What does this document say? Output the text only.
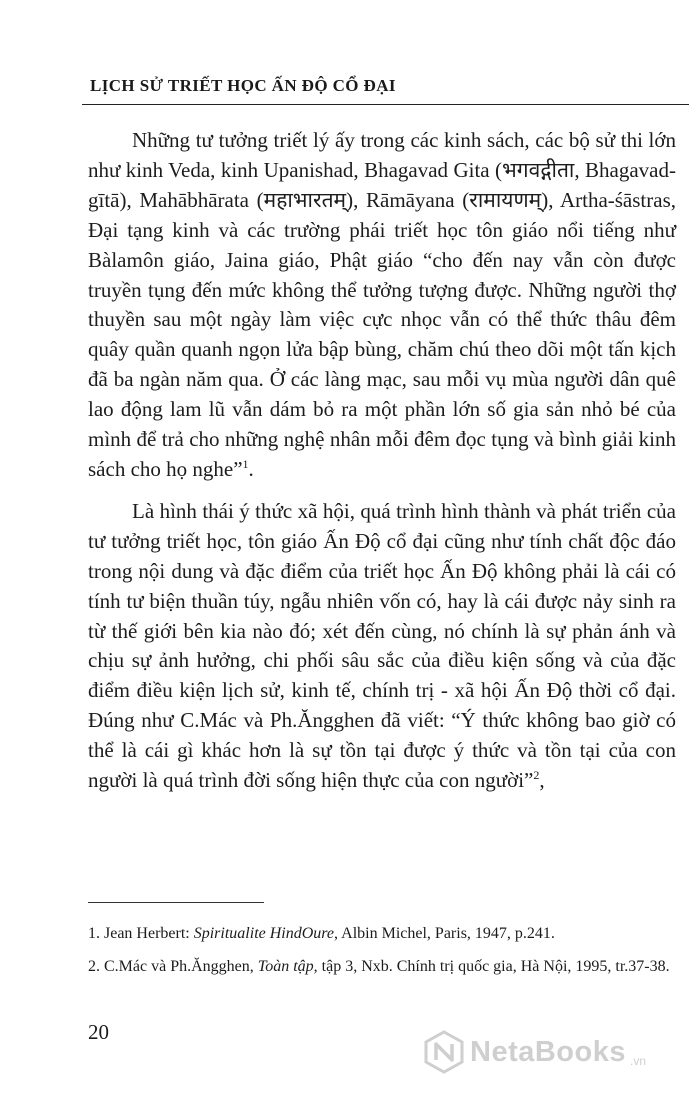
LỊCH SỬ TRIẾT HỌC ẤN ĐỘ CỔ ĐẠI

Những tư tưởng triết lý ấy trong các kinh sách, các bộ sử thi lớn như kinh Veda, kinh Upanishad, Bhagavad Gita (भगवद्गीता, Bhagavad-gītā), Mahābhārata (महाभारतम्), Rāmāyana (रामायणम्), Artha-śāstras, Đại tạng kinh và các trường phái triết học tôn giáo nổi tiếng như Bàlamôn giáo, Jaina giáo, Phật giáo “cho đến nay vẫn còn được truyền tụng đến mức không thể tưởng tượng được. Những người thợ thuyền sau một ngày làm việc cực nhọc vẫn có thể thức thâu đêm quây quần quanh ngọn lửa bập bùng, chăm chú theo dõi một tấn kịch đã ba ngàn năm qua. Ở các làng mạc, sau mỗi vụ mùa người dân quê lao động lam lũ vẫn dám bỏ ra một phần lớn số gia sản nhỏ bé của mình để trả cho những nghệ nhân mỗi đêm đọc tụng và bình giải kinh sách cho họ nghe”$^1$.

Là hình thái ý thức xã hội, quá trình hình thành và phát triển của tư tưởng triết học, tôn giáo Ấn Độ cổ đại cũng như tính chất độc đáo trong nội dung và đặc điểm của triết học Ấn Độ không phải là cái có tính tư biện thuần túy, ngẫu nhiên vốn có, hay là cái được nảy sinh ra từ thế giới bên kia nào đó; xét đến cùng, nó chính là sự phản ánh và chịu sự ảnh hưởng, chi phối sâu sắc của điều kiện sống và của đặc điểm điều kiện lịch sử, kinh tế, chính trị - xã hội Ấn Độ thời cổ đại. Đúng như C.Mác và Ph.Ăngghen đã viết: “Ý thức không bao giờ có thể là cái gì khác hơn là sự tồn tại được ý thức và tồn tại của con người là quá trình đời sống hiện thực của con người”$^2$,

1. Jean Herbert: Spiritualite HindOure, Albin Michel, Paris, 1947, p.241.

2. C.Mác và Ph.Ăngghen, Toàn tập, tập 3, Nxb. Chính trị quốc gia, Hà Nội, 1995, tr.37-38.

20
NetaBooks .vn
